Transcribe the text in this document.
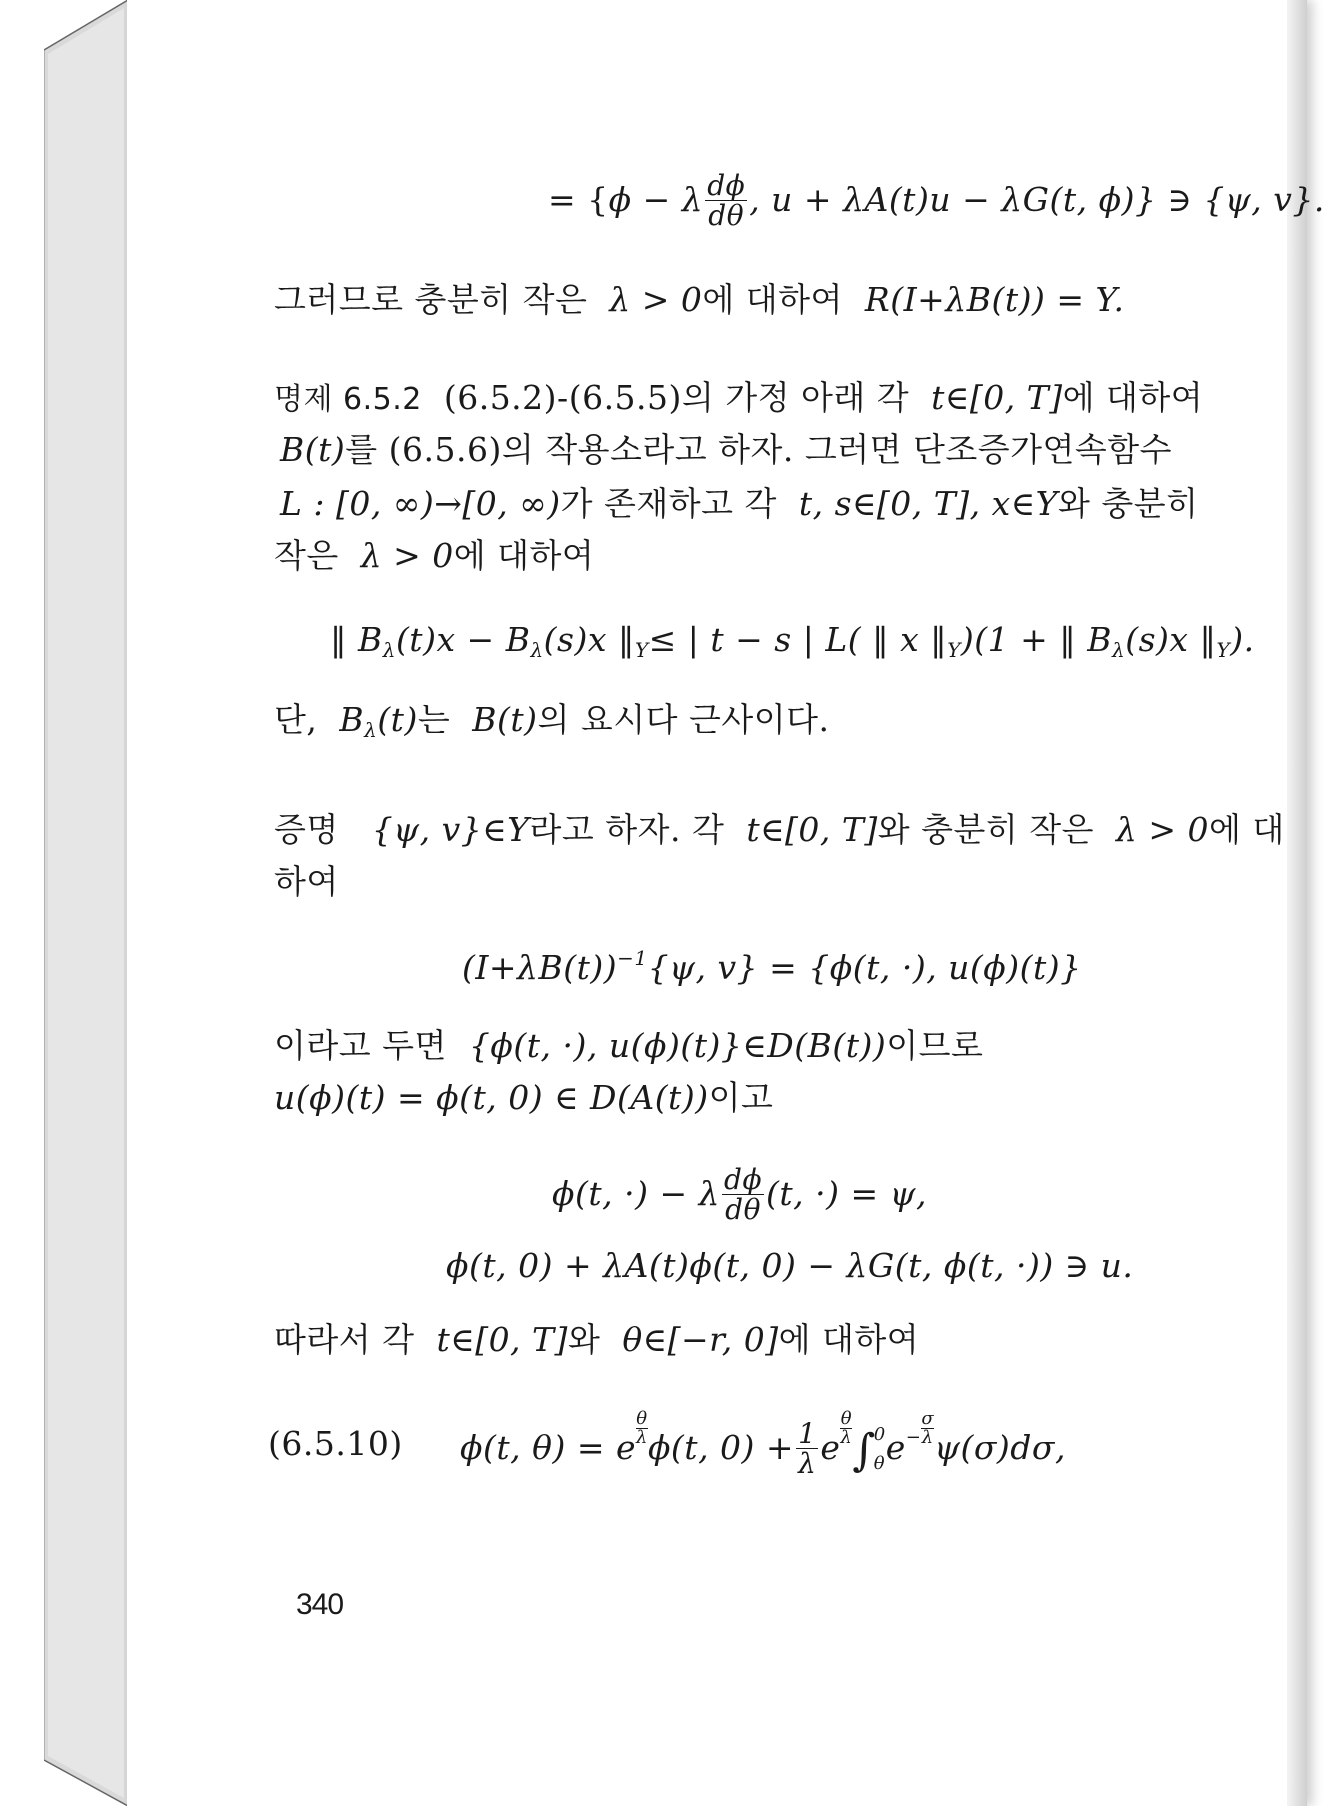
= {ϕ − λ $\frac{d\phi}{d\theta}$ , u + λA(t)u − λG(t, ϕ)} ∋ {ψ, v}.
그러므로 충분히 작은 λ > 0에 대하여 R(I+λB(t)) = Y.
명제 6.5.2 (6.5.2)-(6.5.5)의 가정 아래 각 t∈[0, T]에 대하여
B(t)를 (6.5.6)의 작용소라고 하자. 그러면 단조증가연속함수
L : [0, ∞)→[0, ∞)가 존재하고 각 t, s∈[0, T], x∈Y와 충분히
작은 λ > 0에 대하여
‖ $B_\lambda(t)x - B_\lambda(s)x$ $‖_Y\le$ | t − s | L( ‖ x $‖_Y)(1$ + ‖ $B_\lambda(s)x$ $‖_Y$).
단, $B_\lambda(t)$는 B(t)의 요시다 근사이다.
증명 {ψ, v}∈Y라고 하자. 각 t∈[0, T]와 충분히 작은 λ > 0에 대
하여
$(I+\lambda B(t))^{-1}\{\psi$, v} = {ϕ(t, ·), u(ϕ)(t)}
이라고 두면 {ϕ(t, ·), u(ϕ)(t)}∈D(B(t))이므로
u(ϕ)(t) = ϕ(t, 0) ∈ D(A(t))이고
ϕ(t, ·) − λ $\frac{d\phi}{d\theta} (t$, ·) = ψ,
ϕ(t, 0) + λA(t)ϕ(t, 0) − λG(t, ϕ(t, ·)) ∋ u.
따라서 각 t∈[0, T]와 θ∈[−r, 0]에 대하여
(6.5.10) ϕ(t, θ) = e $\frac{\theta}{\lambda} \phi(t$, $0) + \frac{1}{\lambda}$ e $\frac{\theta}{\lambda}$ ∫
0
θ $e^- \frac{\sigma}{\lambda} \psi(\sigma)d\sigma$,
340
